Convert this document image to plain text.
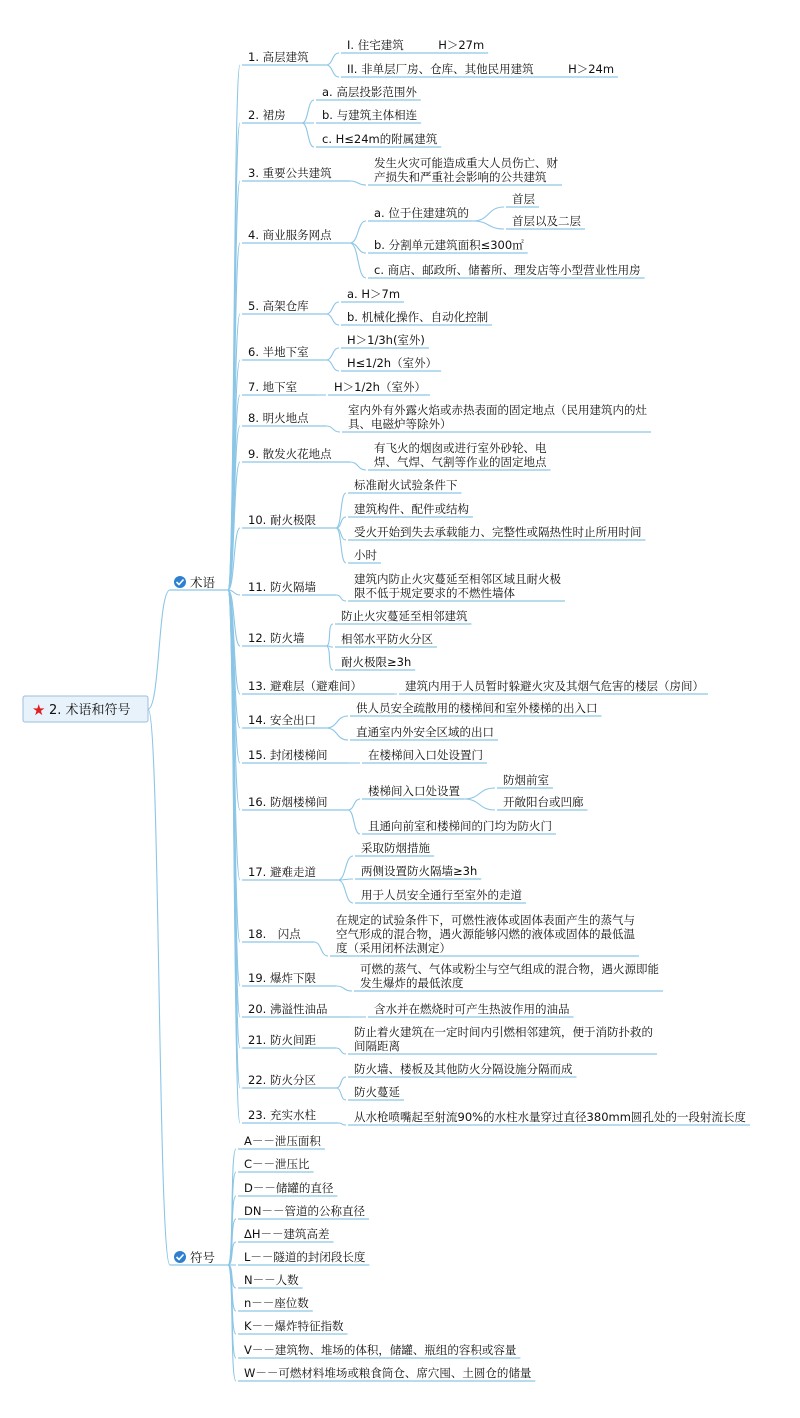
★ 2. 术语和符号
术语
符号
1. 高层建筑
I. 住宅建筑　　　H＞27m
II. 非单层厂房、仓库、其他民用建筑　　　H＞24m
2. 裙房
a. 高层投影范围外
b. 与建筑主体相连
c. H≤24m的附属建筑
3. 重要公共建筑
发生火灾可能造成重大人员伤亡、财
产损失和严重社会影响的公共建筑
4. 商业服务网点
a. 位于住建建筑的
首层
首层以及二层
b. 分割单元建筑面积≤300㎡
c. 商店、邮政所、储蓄所、理发店等小型营业性用房
5. 高架仓库
a. H＞7m
b. 机械化操作、自动化控制
6. 半地下室
H＞1/3h(室外)
H≤1/2h（室外）
7. 地下室	H＞1/2h（室外）
8. 明火地点
室内外有外露火焰或赤热表面的固定地点（民用建筑内的灶
具、电磁炉等除外）
9. 散发火花地点	有飞火的烟囱或进行室外砂轮、电
焊、气焊、气割等作业的固定地点
10. 耐火极限
标准耐火试验条件下
建筑构件、配件或结构
受火开始到失去承载能力、完整性或隔热性时止所用时间
小时
11. 防火隔墙
建筑内防止火灾蔓延至相邻区域且耐火极
限不低于规定要求的不燃性墙体
12. 防火墙
防止火灾蔓延至相邻建筑
相邻水平防火分区
耐火极限≥3h
13. 避难层（避难间）	建筑内用于人员暂时躲避火灾及其烟气危害的楼层（房间）
14. 安全出口
供人员安全疏散用的楼梯间和室外楼梯的出入口
直通室内外安全区域的出口
15. 封闭楼梯间	在楼梯间入口处设置门
16. 防烟楼梯间
楼梯间入口处设置
防烟前室
开敞阳台或凹廊
且通向前室和楼梯间的门均为防火门
17. 避难走道
采取防烟措施
两侧设置防火隔墙≥3h
用于人员安全通行至室外的走道
18.　闪点
在规定的试验条件下，可燃性液体或固体表面产生的蒸气与
空气形成的混合物，遇火源能够闪燃的液体或固体的最低温
度（采用闭杯法测定）
19. 爆炸下限
可燃的蒸气、气体或粉尘与空气组成的混合物，遇火源即能
发生爆炸的最低浓度
20. 沸溢性油品	含水并在燃烧时可产生热波作用的油品
21. 防火间距
防止着火建筑在一定时间内引燃相邻建筑，便于消防扑救的
间隔距离
22. 防火分区
防火墙、楼板及其他防火分隔设施分隔而成
防火蔓延
23. 充实水柱	从水枪喷嘴起至射流90%的水柱水量穿过直径380mm圆孔处的一段射流长度
A－－泄压面积
C－－泄压比
D－－储罐的直径
DN－－管道的公称直径
ΔH－－建筑高差
L－－隧道的封闭段长度
N－－人数
n－－座位数
K－－爆炸特征指数
V－－建筑物、堆场的体积，储罐、瓶组的容积或容量
W－－可燃材料堆场或粮食筒仓、席穴囤、土圆仓的储量
